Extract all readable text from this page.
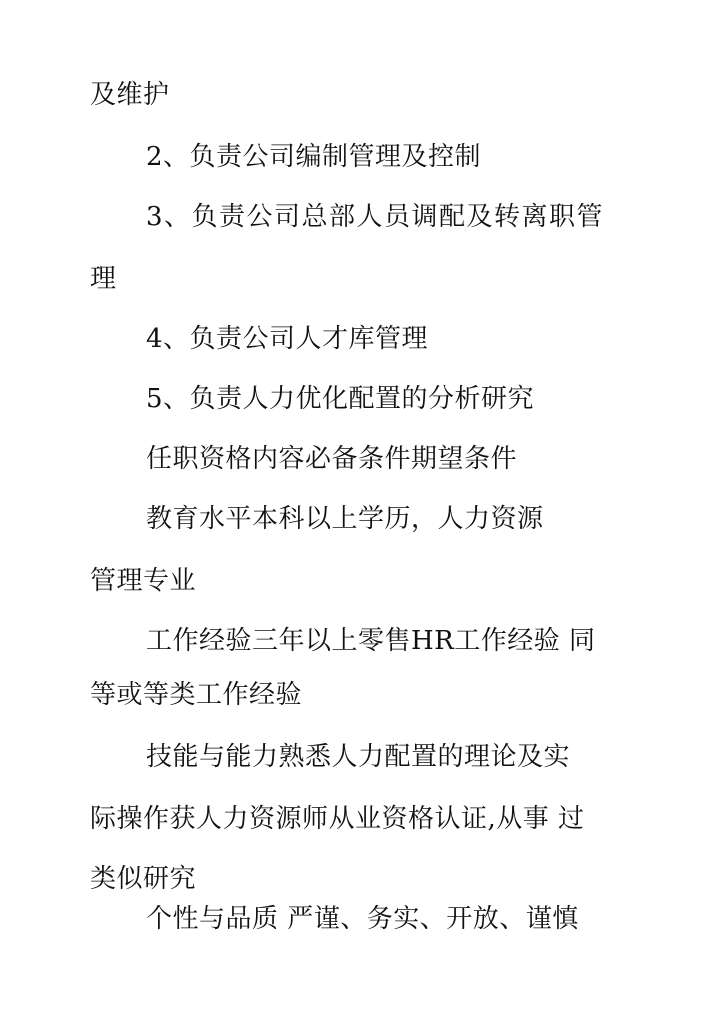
及维护
2、负责公司编制管理及控制
3、负责公司总部人员调配及转离职管
理
4、负责公司人才库管理
5、负责人力优化配置的分析研究
任职资格内容必备条件期望条件
教育水平本科以上学历，人力资源
管理专业
工作经验三年以上零售HR工作经验 同
等或等类工作经验
技能与能力熟悉人力配置的理论及实
际操作获人力资源师从业资格认证,从事 过
类似研究
个性与品质 严谨、务实、开放、谨慎
